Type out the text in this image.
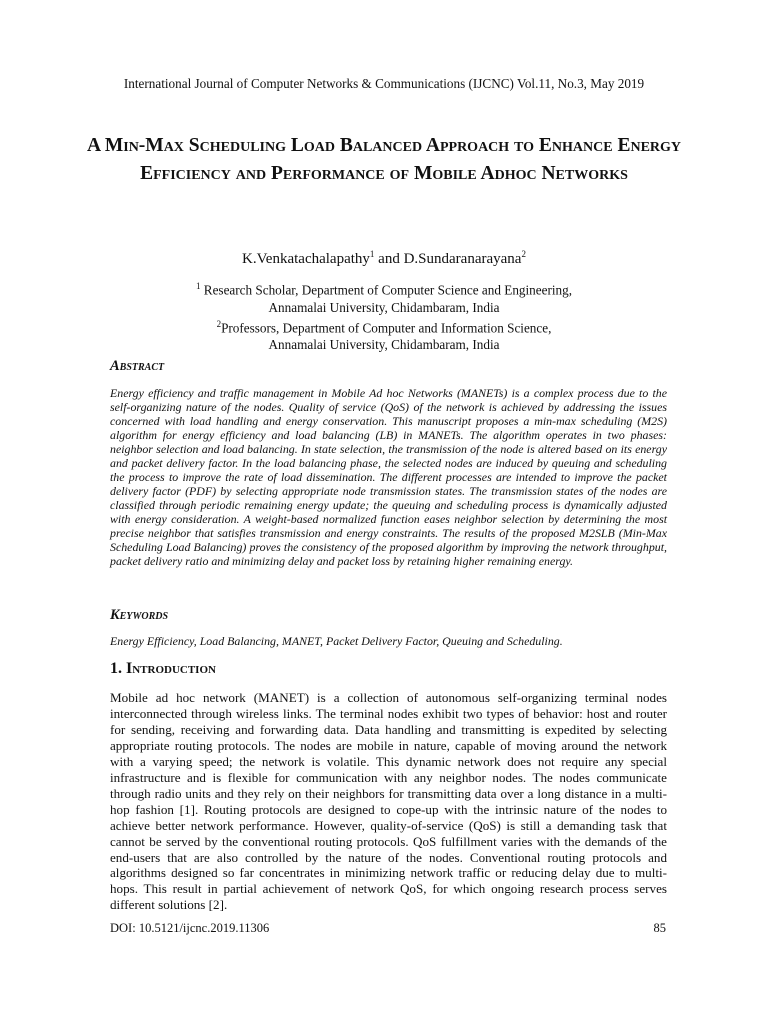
International Journal of Computer Networks & Communications (IJCNC) Vol.11, No.3, May 2019
A Min-Max Scheduling Load Balanced Approach to Enhance Energy Efficiency and Performance of Mobile Adhoc Networks
K.Venkatachalapathy$^1$ and D.Sundaranarayana$^2$

$^1$ Research Scholar, Department of Computer Science and Engineering,

Annamalai University, Chidambaram, India

$^2$Professors, Department of Computer and Information Science,

Annamalai University, Chidambaram, India

Abstract

Energy efficiency and traffic management in Mobile Ad hoc Networks (MANETs) is a complex process due to the self-organizing nature of the nodes. Quality of service (QoS) of the network is achieved by addressing the issues concerned with load handling and energy conservation. This manuscript proposes a min-max scheduling (M2S) algorithm for energy efficiency and load balancing (LB) in MANETs. The algorithm operates in two phases: neighbor selection and load balancing. In state selection, the transmission of the node is altered based on its energy and packet delivery factor. In the load balancing phase, the selected nodes are induced by queuing and scheduling the process to improve the rate of load dissemination. The different processes are intended to improve the packet delivery factor (PDF) by selecting appropriate node transmission states. The transmission states of the nodes are classified through periodic remaining energy update; the queuing and scheduling process is dynamically adjusted with energy consideration. A weight-based normalized function eases neighbor selection by determining the most precise neighbor that satisfies transmission and energy constraints. The results of the proposed M2SLB (Min-Max Scheduling Load Balancing) proves the consistency of the proposed algorithm by improving the network throughput, packet delivery ratio and minimizing delay and packet loss by retaining higher remaining energy.

Keywords

Energy Efficiency, Load Balancing, MANET, Packet Delivery Factor, Queuing and Scheduling.

1. Introduction

Mobile ad hoc network (MANET) is a collection of autonomous self-organizing terminal nodes interconnected through wireless links. The terminal nodes exhibit two types of behavior: host and router for sending, receiving and forwarding data. Data handling and transmitting is expedited by selecting appropriate routing protocols. The nodes are mobile in nature, capable of moving around the network with a varying speed; the network is volatile. This dynamic network does not require any special infrastructure and is flexible for communication with any neighbor nodes. The nodes communicate through radio units and they rely on their neighbors for transmitting data over a long distance in a multi-hop fashion [1]. Routing protocols are designed to cope-up with the intrinsic nature of the nodes to achieve better network performance. However, quality-of-service (QoS) is still a demanding task that cannot be served by the conventional routing protocols. QoS fulfillment varies with the demands of the end-users that are also controlled by the nature of the nodes. Conventional routing protocols and algorithms designed so far concentrates in minimizing network traffic or reducing delay due to multi-hops. This result in partial achievement of network QoS, for which ongoing research process serves different solutions [2].

DOI: 10.5121/ijcnc.2019.11306	85
